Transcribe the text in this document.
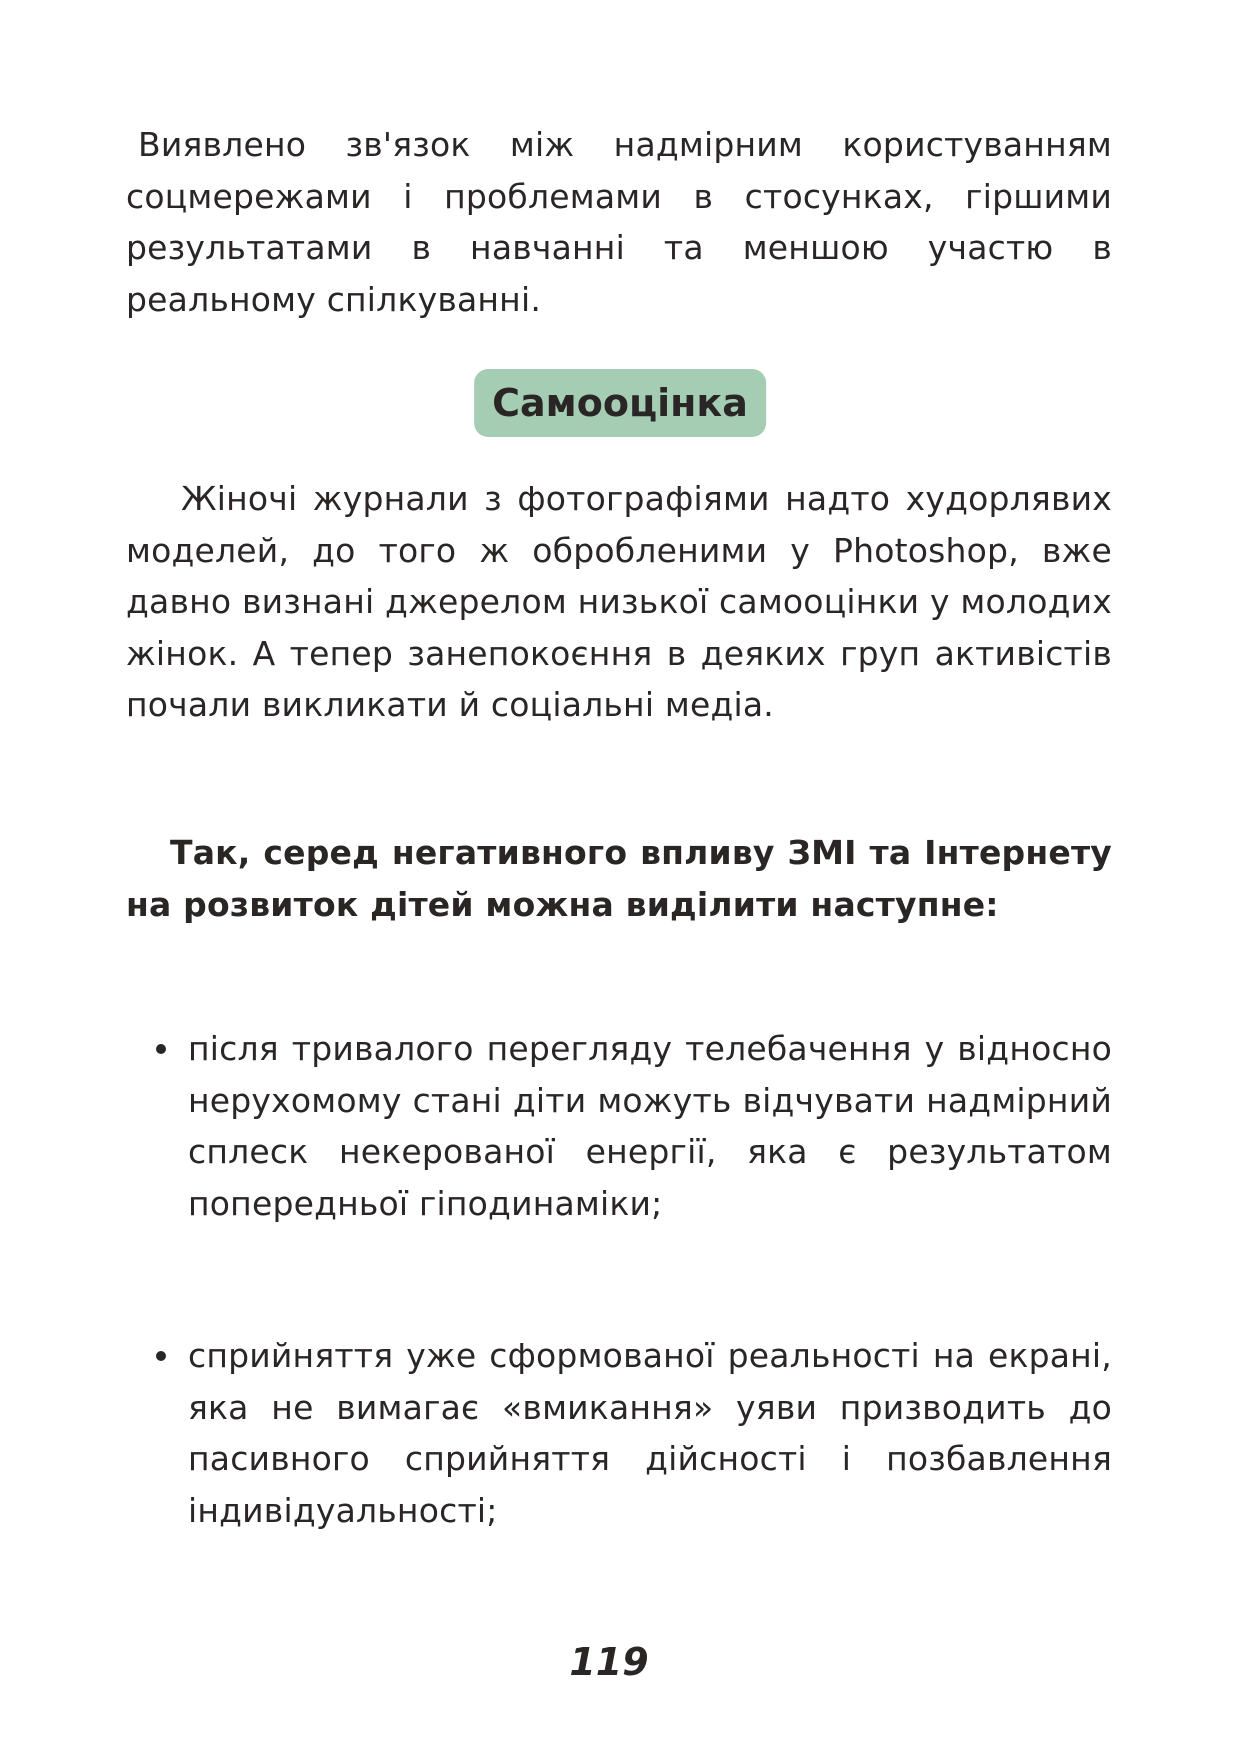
Виявлено зв'язок між надмірним користуванням соцмережами і проблемами в стосунках, гіршими результатами в навчанні та меншою участю в реальному спілкуванні.

Самооцінка

Жіночі журнали з фотографіями надто худорлявих моделей, до того ж обробленими у Photoshop, вже давно визнані джерелом низької самооцінки у молодих жінок. А тепер занепокоєння в деяких груп активістів почали викликати й соціальні медіа.

Так, серед негативного впливу ЗМІ та Інтернету на розвиток дітей можна виділити наступне:

після тривалого перегляду телебачення у відносно нерухомому стані діти можуть відчувати надмірний сплеск некерованої енергії, яка є результатом попередньої гіподинаміки;
сприйняття уже сформованої реальності на екрані, яка не вимагає «вмикання» уяви призводить до пасивного сприйняття дійсності і позбавлення індивідуальності;
119
